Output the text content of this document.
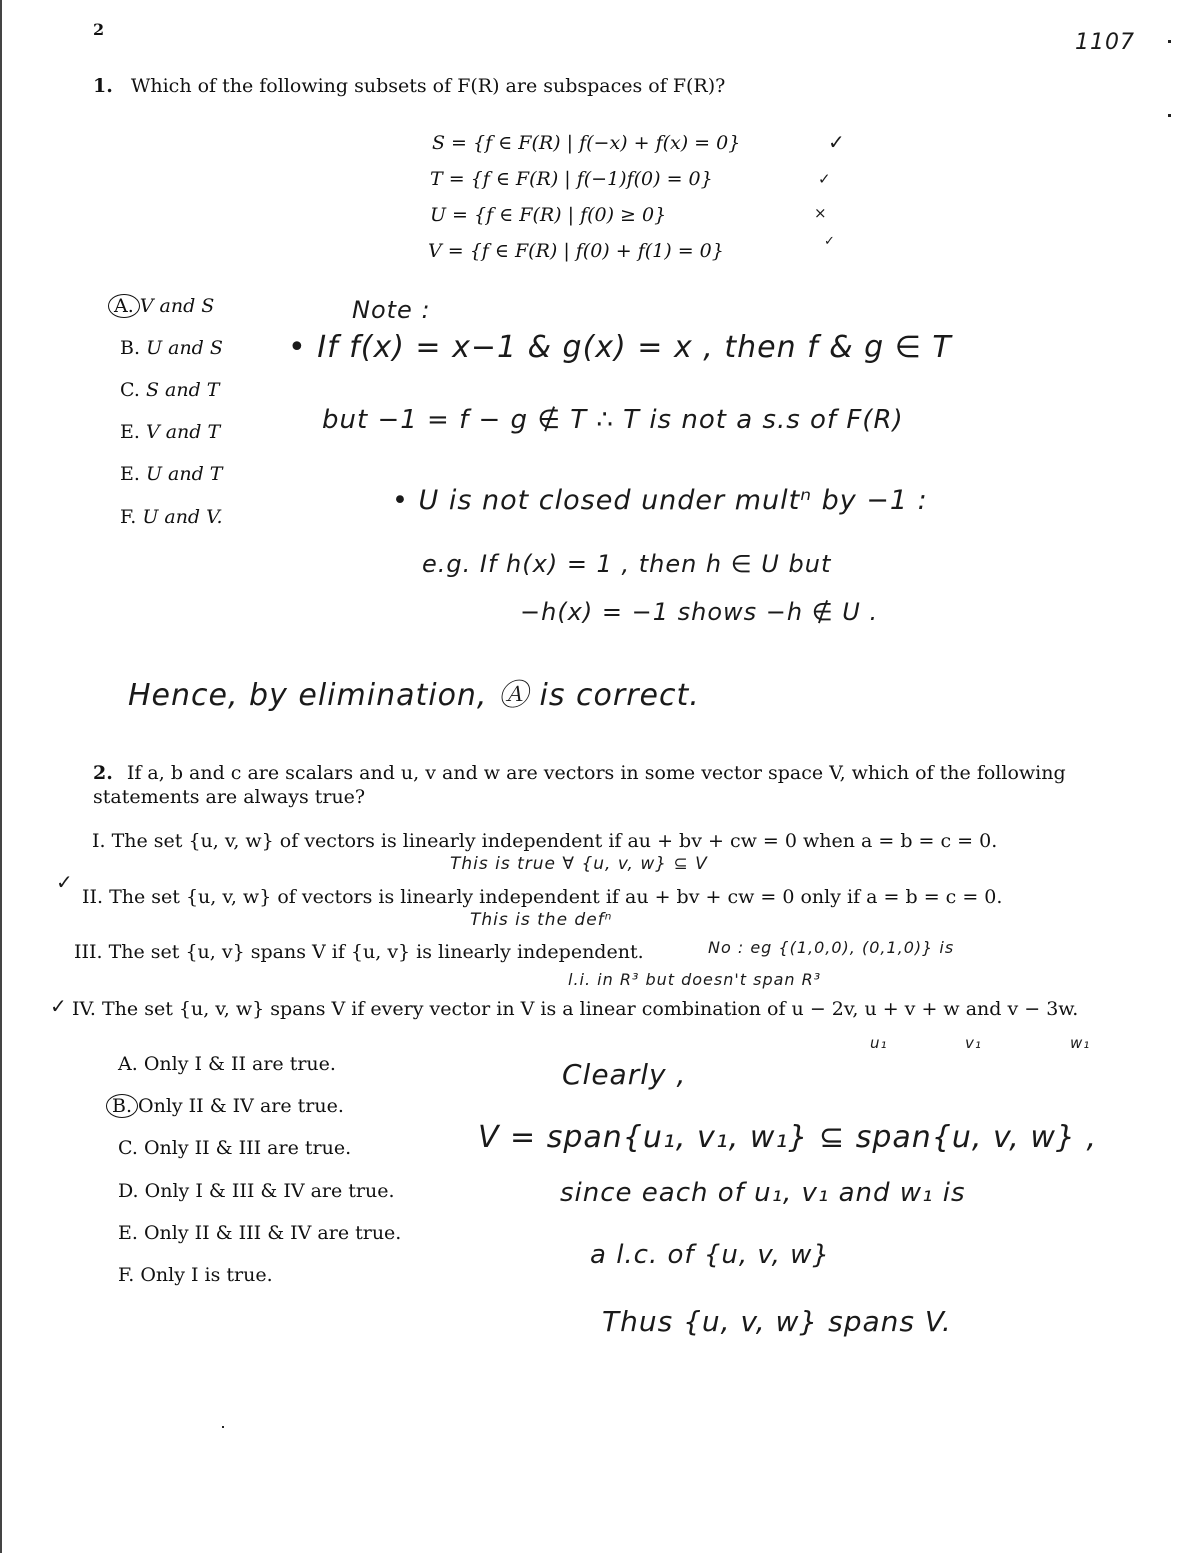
2
1107
1. Which of the following subsets of F(R) are subspaces of F(R)?
S = {f ∈ F(R) | f(−x) + f(x) = 0}	✓
T = {f ∈ F(R) | f(−1)f(0) = 0}	✓
U = {f ∈ F(R) | f(0) ≥ 0}	×
V = {f ∈ F(R) | f(0) + f(1) = 0}	✓
A. V and S
B. U and S
C. S and T
E. V and T
E. U and T
F. U and V.
Note :
• If f(x) = x−1 & g(x) = x , then f & g ∈ T
but −1 = f − g ∉ T ∴ T is not a s.s of F(R)
• U is not closed under multⁿ by −1 :
e.g. If h(x) = 1 , then h ∈ U but
−h(x) = −1 shows −h ∉ U .
Hence, by elimination, Ⓐ is correct.
2. If a, b and c are scalars and u, v and w are vectors in some vector space V, which of the following
statements are always true?
I. The set {u, v, w} of vectors is linearly independent if au + bv + cw = 0 when a = b = c = 0.
✓
II. The set {u, v, w} of vectors is linearly independent if au + bv + cw = 0 only if a = b = c = 0.
III. The set {u, v} spans V if {u, v} is linearly independent.
✓ IV. The set {u, v, w} spans V if every vector in V is a linear combination of u − 2v, u + v + w and v − 3w.
This is true ∀ {u, v, w} ⊆ V
This is the defⁿ
No : eg {(1,0,0), (0,1,0)} is
l.i. in R³ but doesn't span R³
u₁	v₁	w₁
A. Only I & II are true.
B. Only II & IV are true.
C. Only II & III are true.
D. Only I & III & IV are true.
E. Only II & III & IV are true.
F. Only I is true.
Clearly ,
V = span{u₁, v₁, w₁} ⊆ span{u, v, w} ,
since each of u₁, v₁ and w₁ is
a l.c. of {u, v, w}
Thus {u, v, w} spans V.
